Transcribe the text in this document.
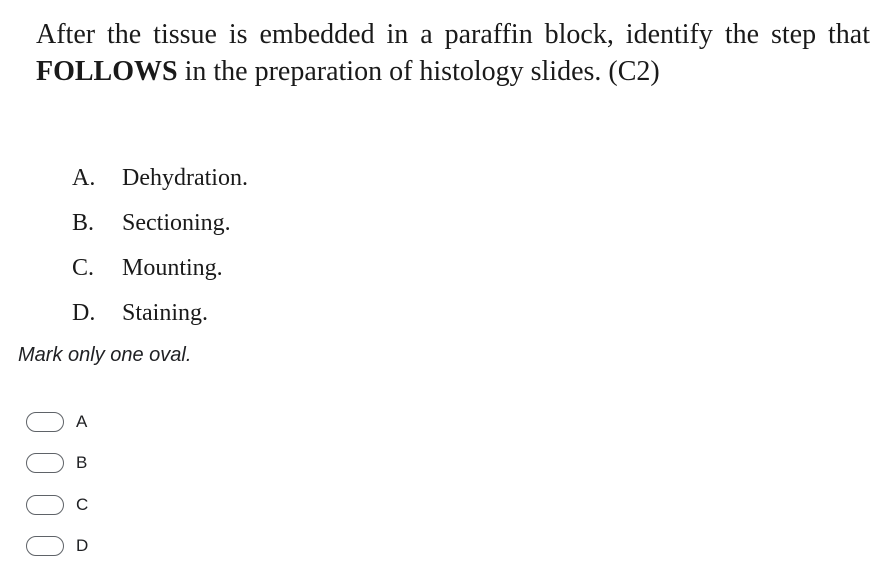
After the tissue is embedded in a paraffin block, identify the step that
FOLLOWS in the preparation of histology slides. (C2)
A.	Dehydration.
B.	Sectioning.
C.	Mounting.
D.	Staining.
Mark only one oval.
A
B
C
D
